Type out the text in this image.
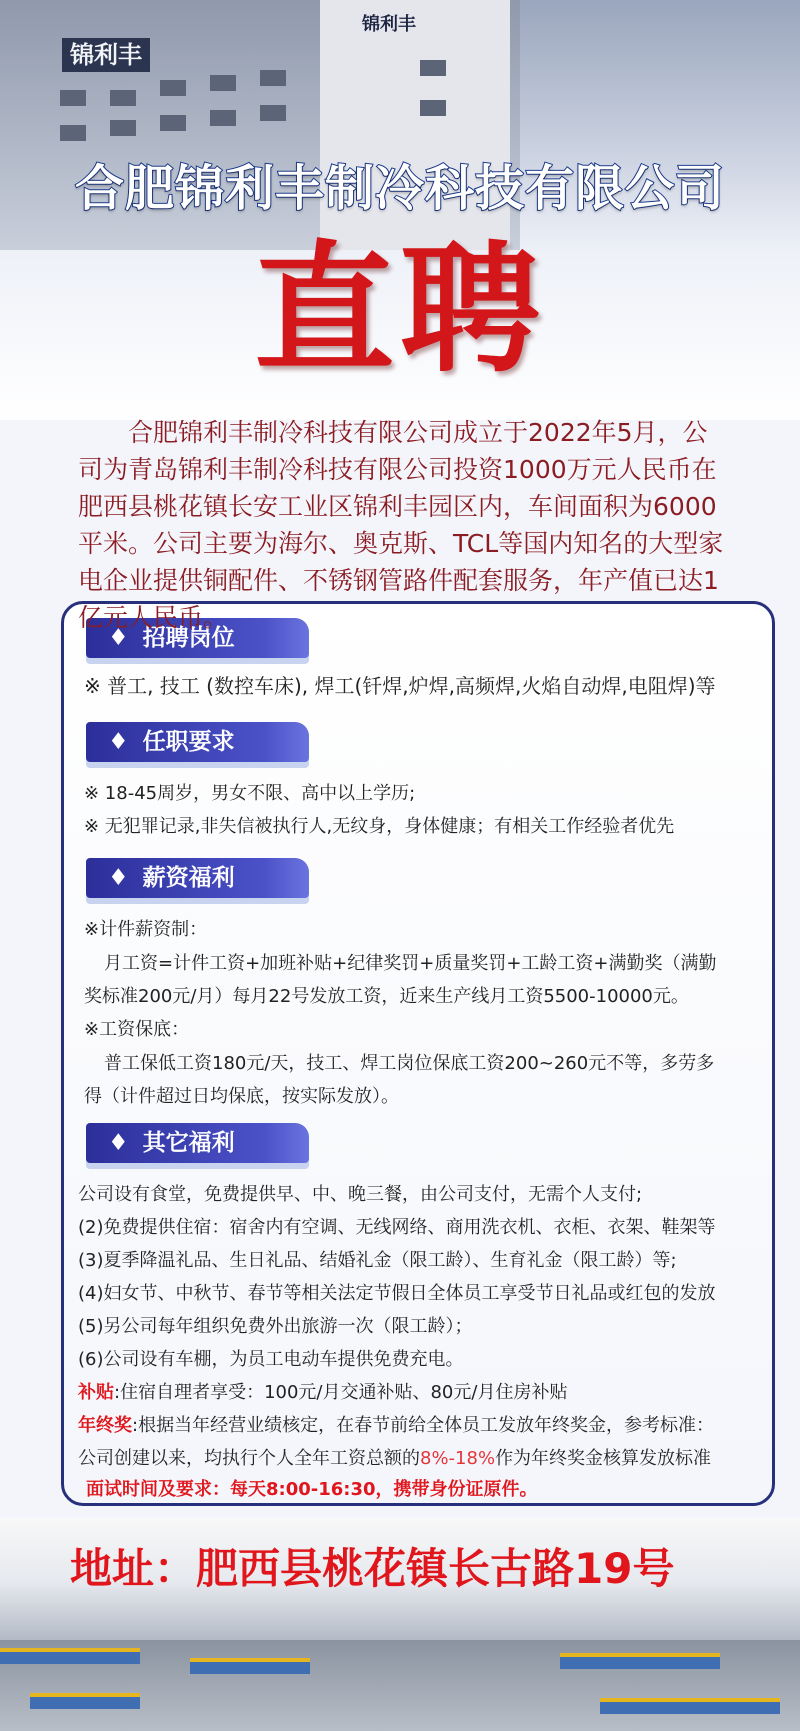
锦利丰
锦利丰
合肥锦利丰制冷科技有限公司
直聘
合肥锦利丰制冷科技有限公司成立于2022年5月，公司为青岛锦利丰制冷科技有限公司投资1000万元人民币在肥西县桃花镇长安工业区锦利丰园区内，车间面积为6000平米。公司主要为海尔、奥克斯、TCL等国内知名的大型家电企业提供铜配件、不锈钢管路件配套服务，年产值已达1亿元人民币。
♦ 招聘岗位
※ 普工, 技工 (数控车床), 焊工(钎焊,炉焊,高频焊,火焰自动焊,电阻焊)等
♦ 任职要求
※ 18-45周岁，男女不限、高中以上学历;
※ 无犯罪记录,非失信被执行人,无纹身，身体健康；有相关工作经验者优先
♦ 薪资福利
※计件薪资制：
月工资=计件工资+加班补贴+纪律奖罚+质量奖罚+工龄工资+满勤奖（满勤
奖标准200元/月）每月22号发放工资，近来生产线月工资5500-10000元。
※工资保底：
普工保低工资180元/天，技工、焊工岗位保底工资200~260元不等，多劳多
得（计件超过日均保底，按实际发放）。
♦ 其它福利
公司设有食堂，免费提供早、中、晚三餐，由公司支付，无需个人支付;
(2)免费提供住宿：宿舍内有空调、无线网络、商用洗衣机、衣柜、衣架、鞋架等
(3)夏季降温礼品、生日礼品、结婚礼金（限工龄）、生育礼金（限工龄）等;
(4)妇女节、中秋节、春节等相关法定节假日全体员工享受节日礼品或红包的发放
(5)另公司每年组织免费外出旅游一次（限工龄）；
(6)公司设有车棚，为员工电动车提供免费充电。
补贴:住宿自理者享受：100元/月交通补贴、80元/月住房补贴
年终奖:根据当年经营业绩核定，在春节前给全体员工发放年终奖金，参考标准：
公司创建以来，均执行个人全年工资总额的8%-18%作为年终奖金核算发放标准
面试时间及要求：每天8:00-16:30，携带身份证原件。
地址：肥西县桃花镇长古路19号
